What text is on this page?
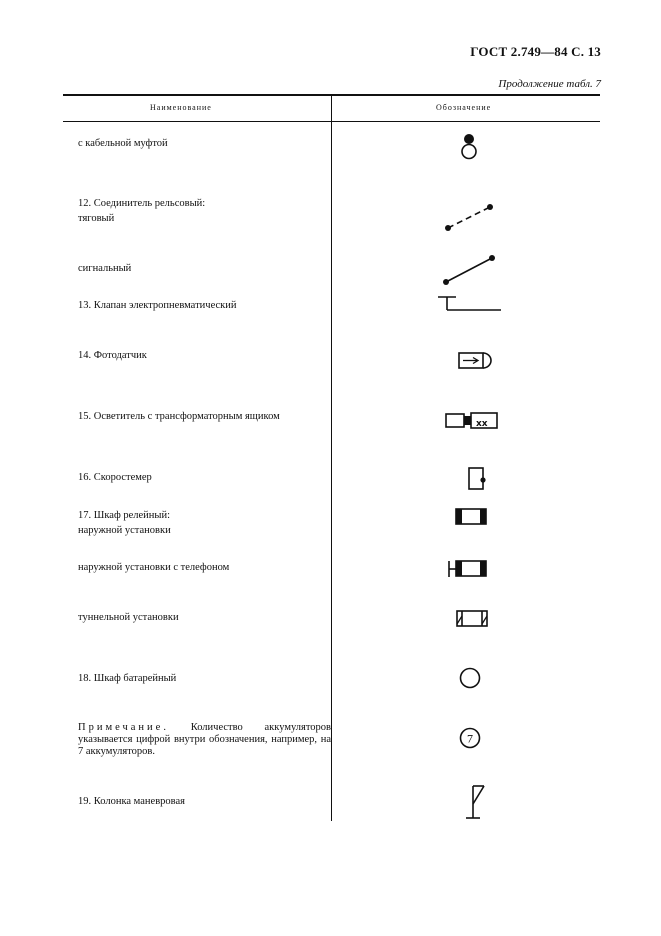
ГОСТ 2.749—84 С. 13
Продолжение табл. 7
Наименование	Обозначение
с кабельной муфтой
12. Соединитель рельсовый:
тяговый
сигнальный
13. Клапан электропневматический
14. Фотодатчик
15. Осветитель с трансформаторным ящиком
16. Скоростемер
17. Шкаф релейный:
наружной установки
наружной установки с телефоном
туннельной установки
18. Шкаф батарейный
Примечание. Количество аккумуляторов указывается цифрой внутри обозначения, например, на 7 аккумуляторов.
19. Колонка маневровая
xx
7
